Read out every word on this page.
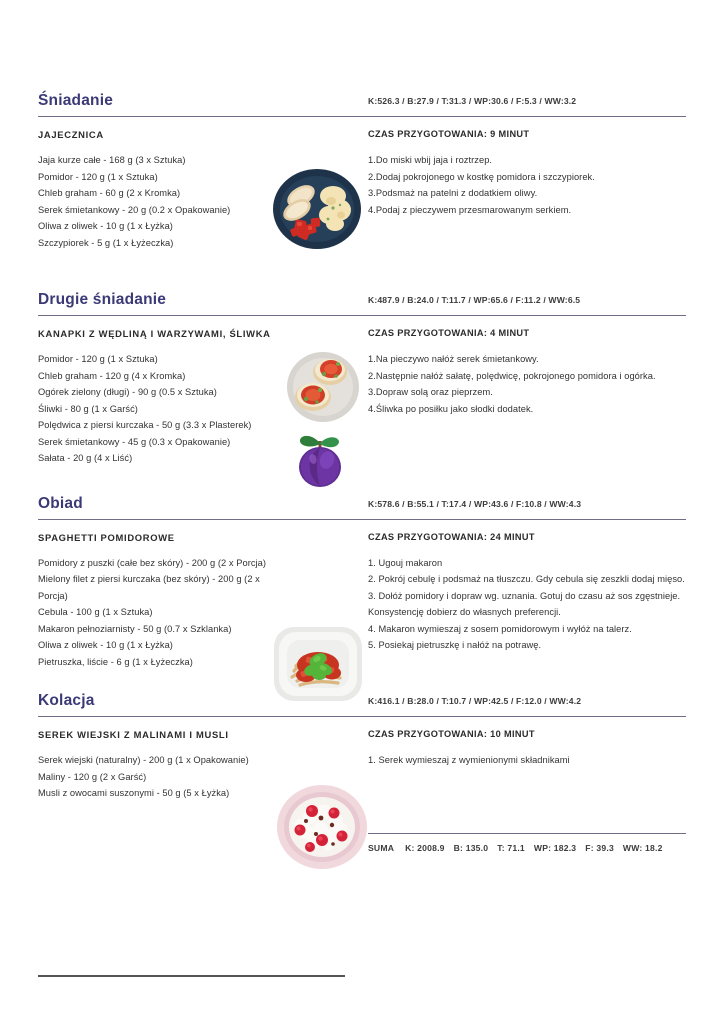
Śniadanie	K:526.3 / B:27.9 / T:31.3 / WP:30.6 / F:5.3 / WW:3.2
JAJECZNICA
Jaja kurze całe - 168 g (3 x Sztuka)
Pomidor - 120 g (1 x Sztuka)
Chleb graham - 60 g (2 x Kromka)
Serek śmietankowy - 20 g (0.2 x Opakowanie)
Oliwa z oliwek - 10 g (1 x Łyżka)
Szczypiorek - 5 g (1 x Łyżeczka)
CZAS PRZYGOTOWANIA: 9 MINUT
1.Do miski wbij jaja i roztrzep.
2.Dodaj pokrojonego w kostkę pomidora i szczypiorek.
3.Podsmaż na patelni z dodatkiem oliwy.
4.Podaj z pieczywem przesmarowanym serkiem.
Drugie śniadanie	K:487.9 / B:24.0 / T:11.7 / WP:65.6 / F:11.2 / WW:6.5
KANAPKI Z WĘDLINĄ I WARZYWAMI, ŚLIWKA
Pomidor - 120 g (1 x Sztuka)
Chleb graham - 120 g (4 x Kromka)
Ogórek zielony (długi) - 90 g (0.5 x Sztuka)
Śliwki - 80 g (1 x Garść)
Polędwica z piersi kurczaka - 50 g (3.3 x Plasterek)
Serek śmietankowy - 45 g (0.3 x Opakowanie)
Sałata - 20 g (4 x Liść)
CZAS PRZYGOTOWANIA: 4 MINUT
1.Na pieczywo nałóż serek śmietankowy.
2.Następnie nałóż sałatę, polędwicę, pokrojonego pomidora i ogórka.
3.Dopraw solą oraz pieprzem.
4.Śliwka po posiłku jako słodki dodatek.
Obiad	K:578.6 / B:55.1 / T:17.4 / WP:43.6 / F:10.8 / WW:4.3
SPAGHETTI POMIDOROWE
Pomidory z puszki (całe bez skóry) - 200 g (2 x Porcja)
Mielony filet z piersi kurczaka (bez skóry) - 200 g (2 x Porcja)
Cebula - 100 g (1 x Sztuka)
Makaron pełnoziarnisty - 50 g (0.7 x Szklanka)
Oliwa z oliwek - 10 g (1 x Łyżka)
Pietruszka, liście - 6 g (1 x Łyżeczka)
CZAS PRZYGOTOWANIA: 24 MINUT
1. Ugouj makaron
2. Pokrój cebulę i podsmaż na tłuszczu. Gdy cebula się zeszkli dodaj mięso.
3. Dołóż pomidory i dopraw wg. uznania. Gotuj do czasu aż sos zgęstnieje. Konsystencję dobierz do własnych preferencji.
4. Makaron wymieszaj z sosem pomidorowym i wyłóż na talerz.
5. Posiekaj pietruszkę i nałóż na potrawę.
Kolacja	K:416.1 / B:28.0 / T:10.7 / WP:42.5 / F:12.0 / WW:4.2
SEREK WIEJSKI Z MALINAMI I MUSLI
Serek wiejski (naturalny) - 200 g (1 x Opakowanie)
Maliny - 120 g (2 x Garść)
Musli z owocami suszonymi - 50 g (5 x Łyżka)
CZAS PRZYGOTOWANIA: 10 MINUT
1. Serek wymieszaj z wymienionymi składnikami
SUMA K: 2008.9 B: 135.0 T: 71.1 WP: 182.3 F: 39.3 WW: 18.2
